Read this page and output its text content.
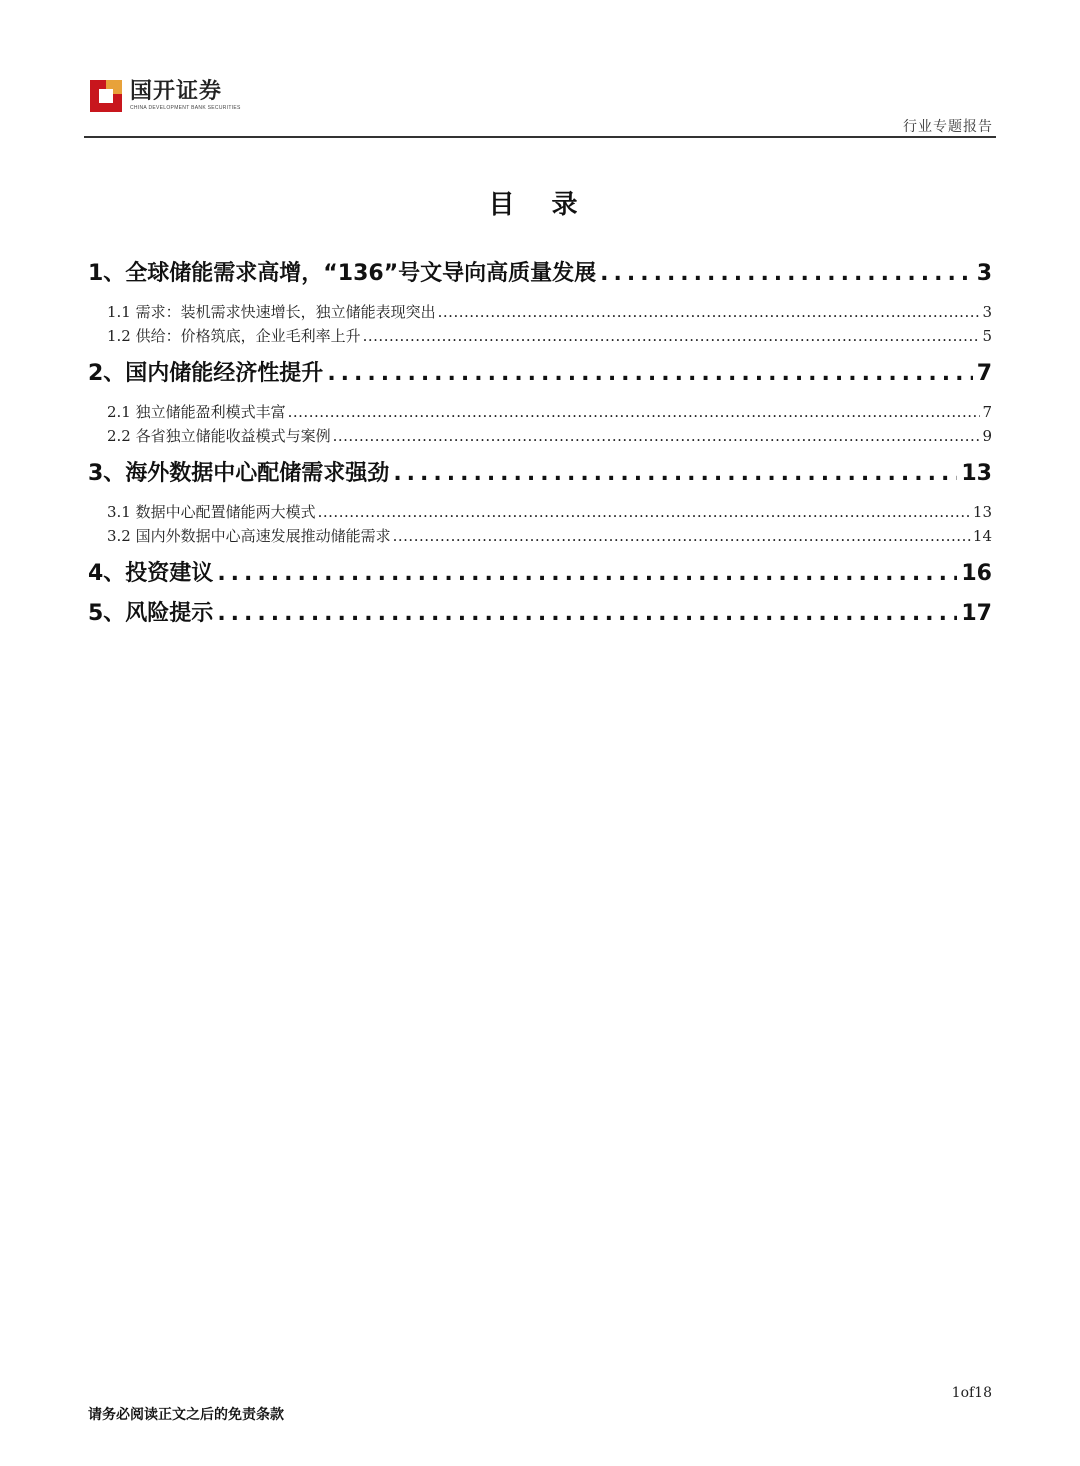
国开证券
CHINA DEVELOPMENT BANK SECURITIES
行业专题报告
目 录
1、全球储能需求高增，“136”号文导向高质量发展 .....	3
1.1 需求：装机需求快速增长，独立储能表现突出 .....	3
1.2 供给：价格筑底，企业毛利率上升 .....	5
2、国内储能经济性提升 .....	7
2.1 独立储能盈利模式丰富 .....	7
2.2 各省独立储能收益模式与案例 .....	9
3、海外数据中心配储需求强劲 .....	13
3.1 数据中心配置储能两大模式 .....	13
3.2 国内外数据中心高速发展推动储能需求 .....	14
4、投资建议 .....	16
5、风险提示 .....	17
1of18
请务必阅读正文之后的免责条款
